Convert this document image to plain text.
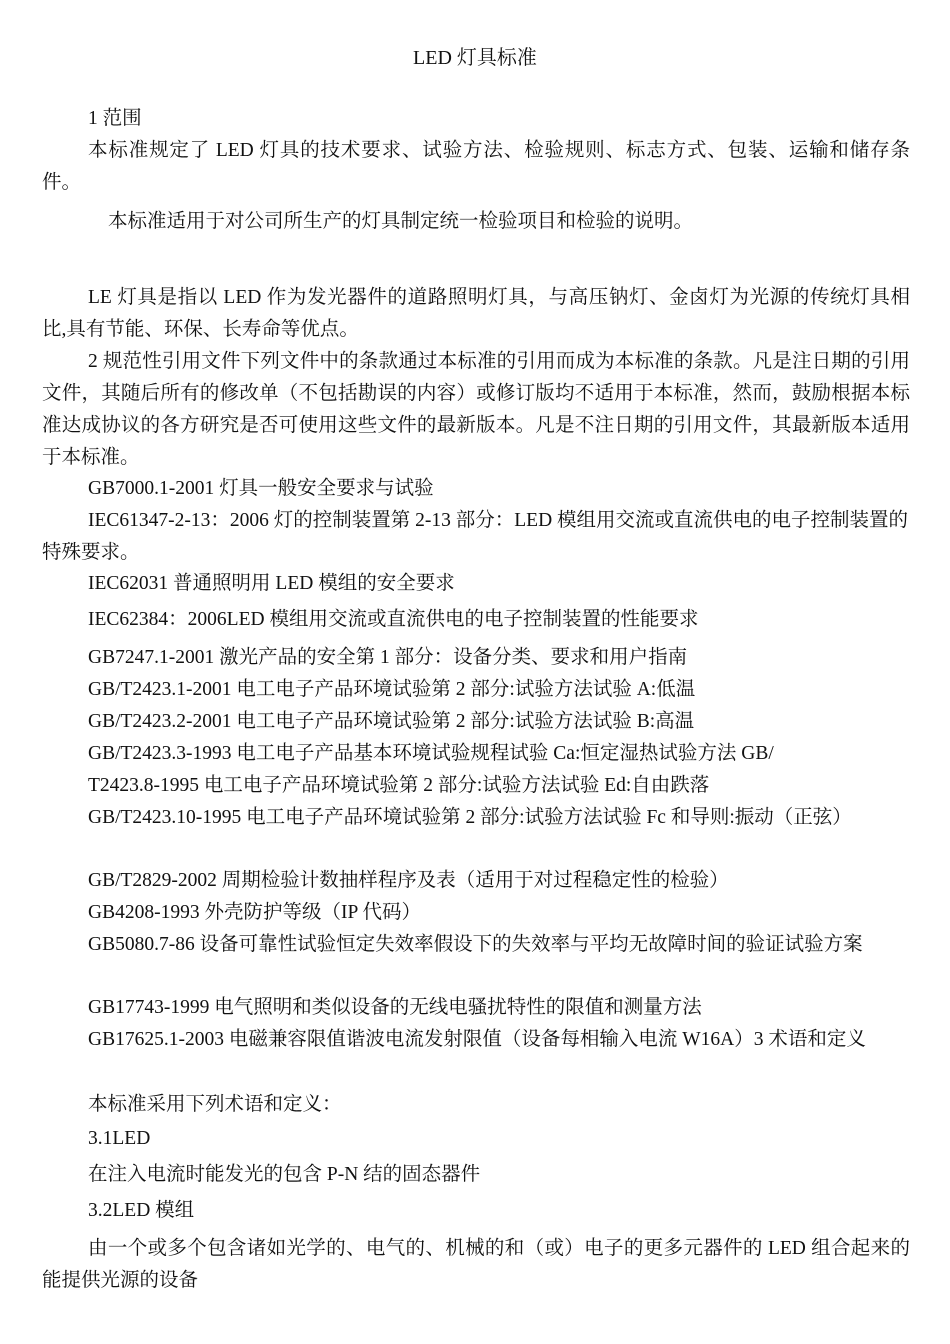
LED 灯具标准

1 范围

本标准规定了 LED 灯具的技术要求、试验方法、检验规则、标志方式、包装、运输和储存条件。

本标准适用于对公司所生产的灯具制定统一检验项目和检验的说明。

LE 灯具是指以 LED 作为发光器件的道路照明灯具，与高压钠灯、金卤灯为光源的传统灯具相比,具有节能、环保、长寿命等优点。

2 规范性引用文件下列文件中的条款通过本标准的引用而成为本标准的条款。凡是注日期的引用文件，其随后所有的修改单（不包括勘误的内容）或修订版均不适用于本标准，然而，鼓励根据本标准达成协议的各方研究是否可使用这些文件的最新版本。凡是不注日期的引用文件，其最新版本适用于本标准。

GB7000.1-2001 灯具一般安全要求与试验

IEC61347-2-13：2006 灯的控制装置第 2-13 部分：LED 模组用交流或直流供电的电子控制装置的特殊要求。

IEC62031 普通照明用 LED 模组的安全要求

IEC62384：2006LED 模组用交流或直流供电的电子控制装置的性能要求

GB7247.1-2001 激光产品的安全第 1 部分：设备分类、要求和用户指南

GB/T2423.1-2001 电工电子产品环境试验第 2 部分:试验方法试验 A:低温

GB/T2423.2-2001 电工电子产品环境试验第 2 部分:试验方法试验 B:高温

GB/T2423.3-1993 电工电子产品基本环境试验规程试验 Ca:恒定湿热试验方法 GB/

T2423.8-1995 电工电子产品环境试验第 2 部分:试验方法试验 Ed:自由跌落

GB/T2423.10-1995 电工电子产品环境试验第 2 部分:试验方法试验 Fc 和导则:振动（正弦）

GB/T2829-2002 周期检验计数抽样程序及表（适用于对过程稳定性的检验）

GB4208-1993 外壳防护等级（IP 代码）

GB5080.7-86 设备可靠性试验恒定失效率假设下的失效率与平均无故障时间的验证试验方案

GB17743-1999 电气照明和类似设备的无线电骚扰特性的限值和测量方法

GB17625.1-2003 电磁兼容限值谐波电流发射限值（设备每相输入电流 W16A）3 术语和定义

本标准采用下列术语和定义：

3.1LED

在注入电流时能发光的包含 P-N 结的固态器件

3.2LED 模组

由一个或多个包含诸如光学的、电气的、机械的和（或）电子的更多元器件的 LED 组合起来的能提供光源的设备
